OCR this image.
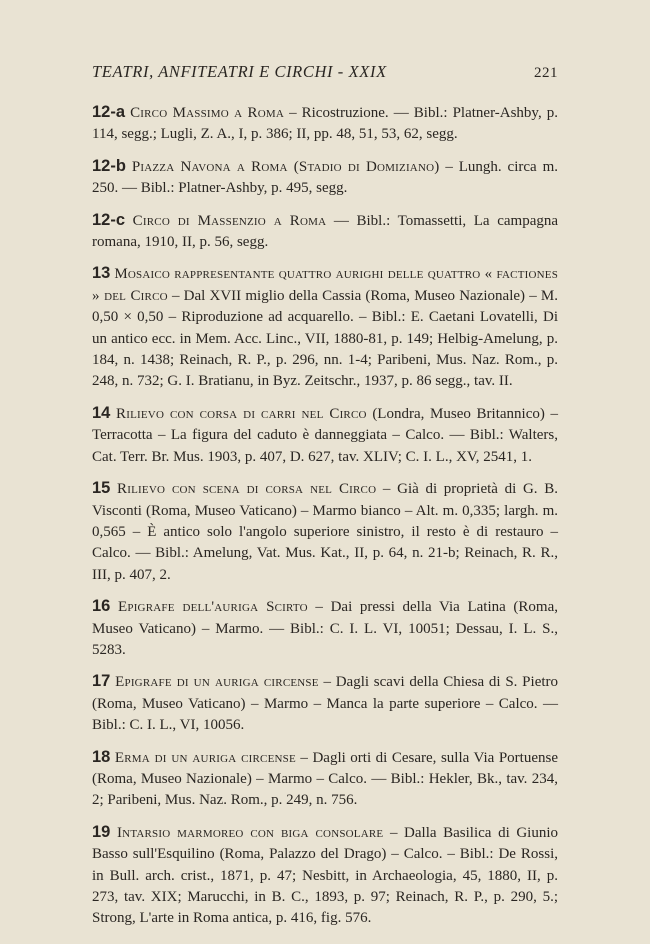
TEATRI, ANFITEATRI E CIRCHI - XXIX	221

12-a Circo Massimo a Roma – Ricostruzione. — Bibl.: Platner-Ashby, p. 114, segg.; Lugli, Z. A., I, p. 386; II, pp. 48, 51, 53, 62, segg.

12-b Piazza Navona a Roma (Stadio di Domiziano) – Lungh. circa m. 250. — Bibl.: Platner-Ashby, p. 495, segg.

12-c Circo di Massenzio a Roma — Bibl.: Tomassetti, La campagna romana, 1910, II, p. 56, segg.

13 Mosaico rappresentante quattro aurighi delle quattro « factiones » del Circo – Dal XVII miglio della Cassia (Roma, Museo Nazionale) – M. 0,50 × 0,50 – Riproduzione ad acquarello. – Bibl.: E. Caetani Lovatelli, Di un antico ecc. in Mem. Acc. Linc., VII, 1880-81, p. 149; Helbig-Amelung, p. 184, n. 1438; Reinach, R. P., p. 296, nn. 1-4; Paribeni, Mus. Naz. Rom., p. 248, n. 732; G. I. Bratianu, in Byz. Zeitschr., 1937, p. 86 segg., tav. II.

14 Rilievo con corsa di carri nel Circo (Londra, Museo Britannico) – Terracotta – La figura del caduto è danneggiata – Calco. — Bibl.: Walters, Cat. Terr. Br. Mus. 1903, p. 407, D. 627, tav. XLIV; C. I. L., XV, 2541, 1.

15 Rilievo con scena di corsa nel Circo – Già di proprietà di G. B. Visconti (Roma, Museo Vaticano) – Marmo bianco – Alt. m. 0,335; largh. m. 0,565 – È antico solo l'angolo superiore sinistro, il resto è di restauro – Calco. — Bibl.: Amelung, Vat. Mus. Kat., II, p. 64, n. 21-b; Reinach, R. R., III, p. 407, 2.

16 Epigrafe dell'auriga Scirto – Dai pressi della Via Latina (Roma, Museo Vaticano) – Marmo. — Bibl.: C. I. L. VI, 10051; Dessau, I. L. S., 5283.

17 Epigrafe di un auriga circense – Dagli scavi della Chiesa di S. Pietro (Roma, Museo Vaticano) – Marmo – Manca la parte superiore – Calco. — Bibl.: C. I. L., VI, 10056.

18 Erma di un auriga circense – Dagli orti di Cesare, sulla Via Portuense (Roma, Museo Nazionale) – Marmo – Calco. — Bibl.: Hekler, Bk., tav. 234, 2; Paribeni, Mus. Naz. Rom., p. 249, n. 756.

19 Intarsio marmoreo con biga consolare – Dalla Basilica di Giunio Basso sull'Esquilino (Roma, Palazzo del Drago) – Calco. – Bibl.: De Rossi, in Bull. arch. crist., 1871, p. 47; Nesbitt, in Archaeologia, 45, 1880, II, p. 273, tav. XIX; Marucchi, in B. C., 1893, p. 97; Reinach, R. P., p. 290, 5.; Strong, L'arte in Roma antica, p. 416, fig. 576.
